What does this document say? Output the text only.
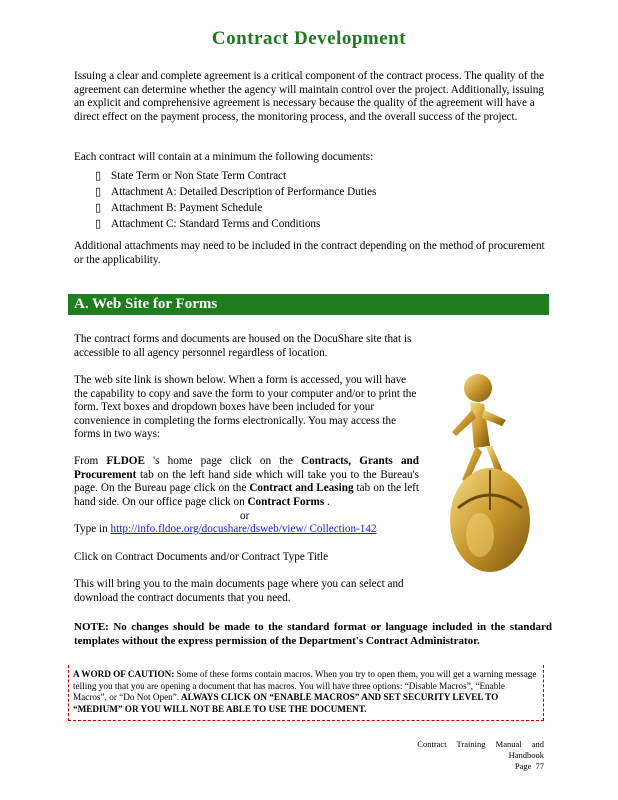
Contract Development

Issuing a clear and complete agreement is a critical component of the contract process. The quality of the agreement can determine whether the agency will maintain control over the project. Additionally, issuing an explicit and comprehensive agreement is necessary because the quality of the agreement will have a direct effect on the payment process, the monitoring process, and the overall success of the project.

Each contract will contain at a minimum the following documents:

▯ State Term or Non State Term Contract
▯ Attachment A: Detailed Description of Performance Duties
▯ Attachment B: Payment Schedule
▯ Attachment C: Standard Terms and Conditions

Additional attachments may need to be included in the contract depending on the method of procurement or the applicability.

A. Web Site for Forms

The contract forms and documents are housed on the DocuShare site that is accessible to all agency personnel regardless of location.

The web site link is shown below. When a form is accessed, you will have the capability to copy and save the form to your computer and/or to print the form. Text boxes and dropdown boxes have been included for your convenience in completing the forms electronically. You may access the forms in two ways:

From FLDOE 's home page click on the Contracts, Grants and Procurement tab on the left hand side which will take you to the Bureau's page. On the Bureau page click on the Contract and Leasing tab on the left hand side. On our office page click on Contract Forms .

or

Type in http://info.fldoe.org/docushare/dsweb/view/ Collection-142

Click on Contract Documents and/or Contract Type Title

This will bring you to the main documents page where you can select and download the contract documents that you need.

NOTE: No changes should be made to the standard format or language included in the standard templates without the express permission of the Department's Contract Administrator.

A WORD OF CAUTION: Some of these forms contain macros. When you try to open them, you will get a warning message telling you that you are opening a document that has macros. You will have three options: “Disable Macros”, “Enable Macros”, or “Do Not Open”. ALWAYS CLICK ON “ENABLE MACROS” AND SET SECURITY LEVEL TO “MEDIUM” OR YOU WILL NOT BE ABLE TO USE THE DOCUMENT.
Contract Training Manual and Handbook
Page 77
